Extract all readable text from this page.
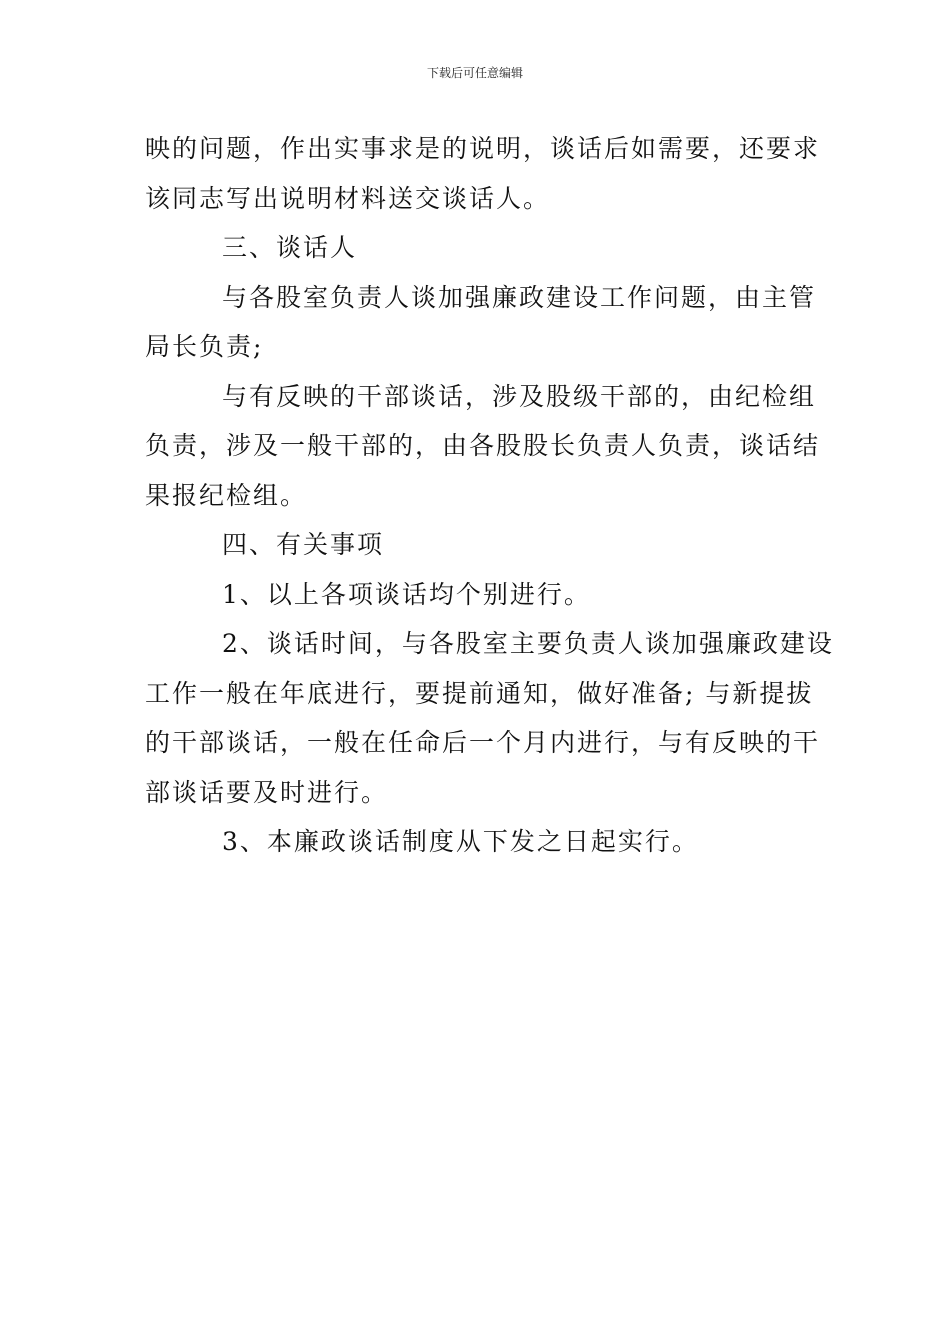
下载后可任意编辑

映的问题，作出实事求是的说明，谈话后如需要，还要求

该同志写出说明材料送交谈话人。

三、谈话人

与各股室负责人谈加强廉政建设工作问题，由主管

局长负责;

与有反映的干部谈话，涉及股级干部的，由纪检组

负责，涉及一般干部的，由各股股长负责人负责，谈话结

果报纪检组。

四、有关事项

1、以上各项谈话均个别进行。

2、谈话时间，与各股室主要负责人谈加强廉政建设

工作一般在年底进行，要提前通知，做好准备; 与新提拔

的干部谈话，一般在任命后一个月内进行，与有反映的干

部谈话要及时进行。

3、本廉政谈话制度从下发之日起实行。
